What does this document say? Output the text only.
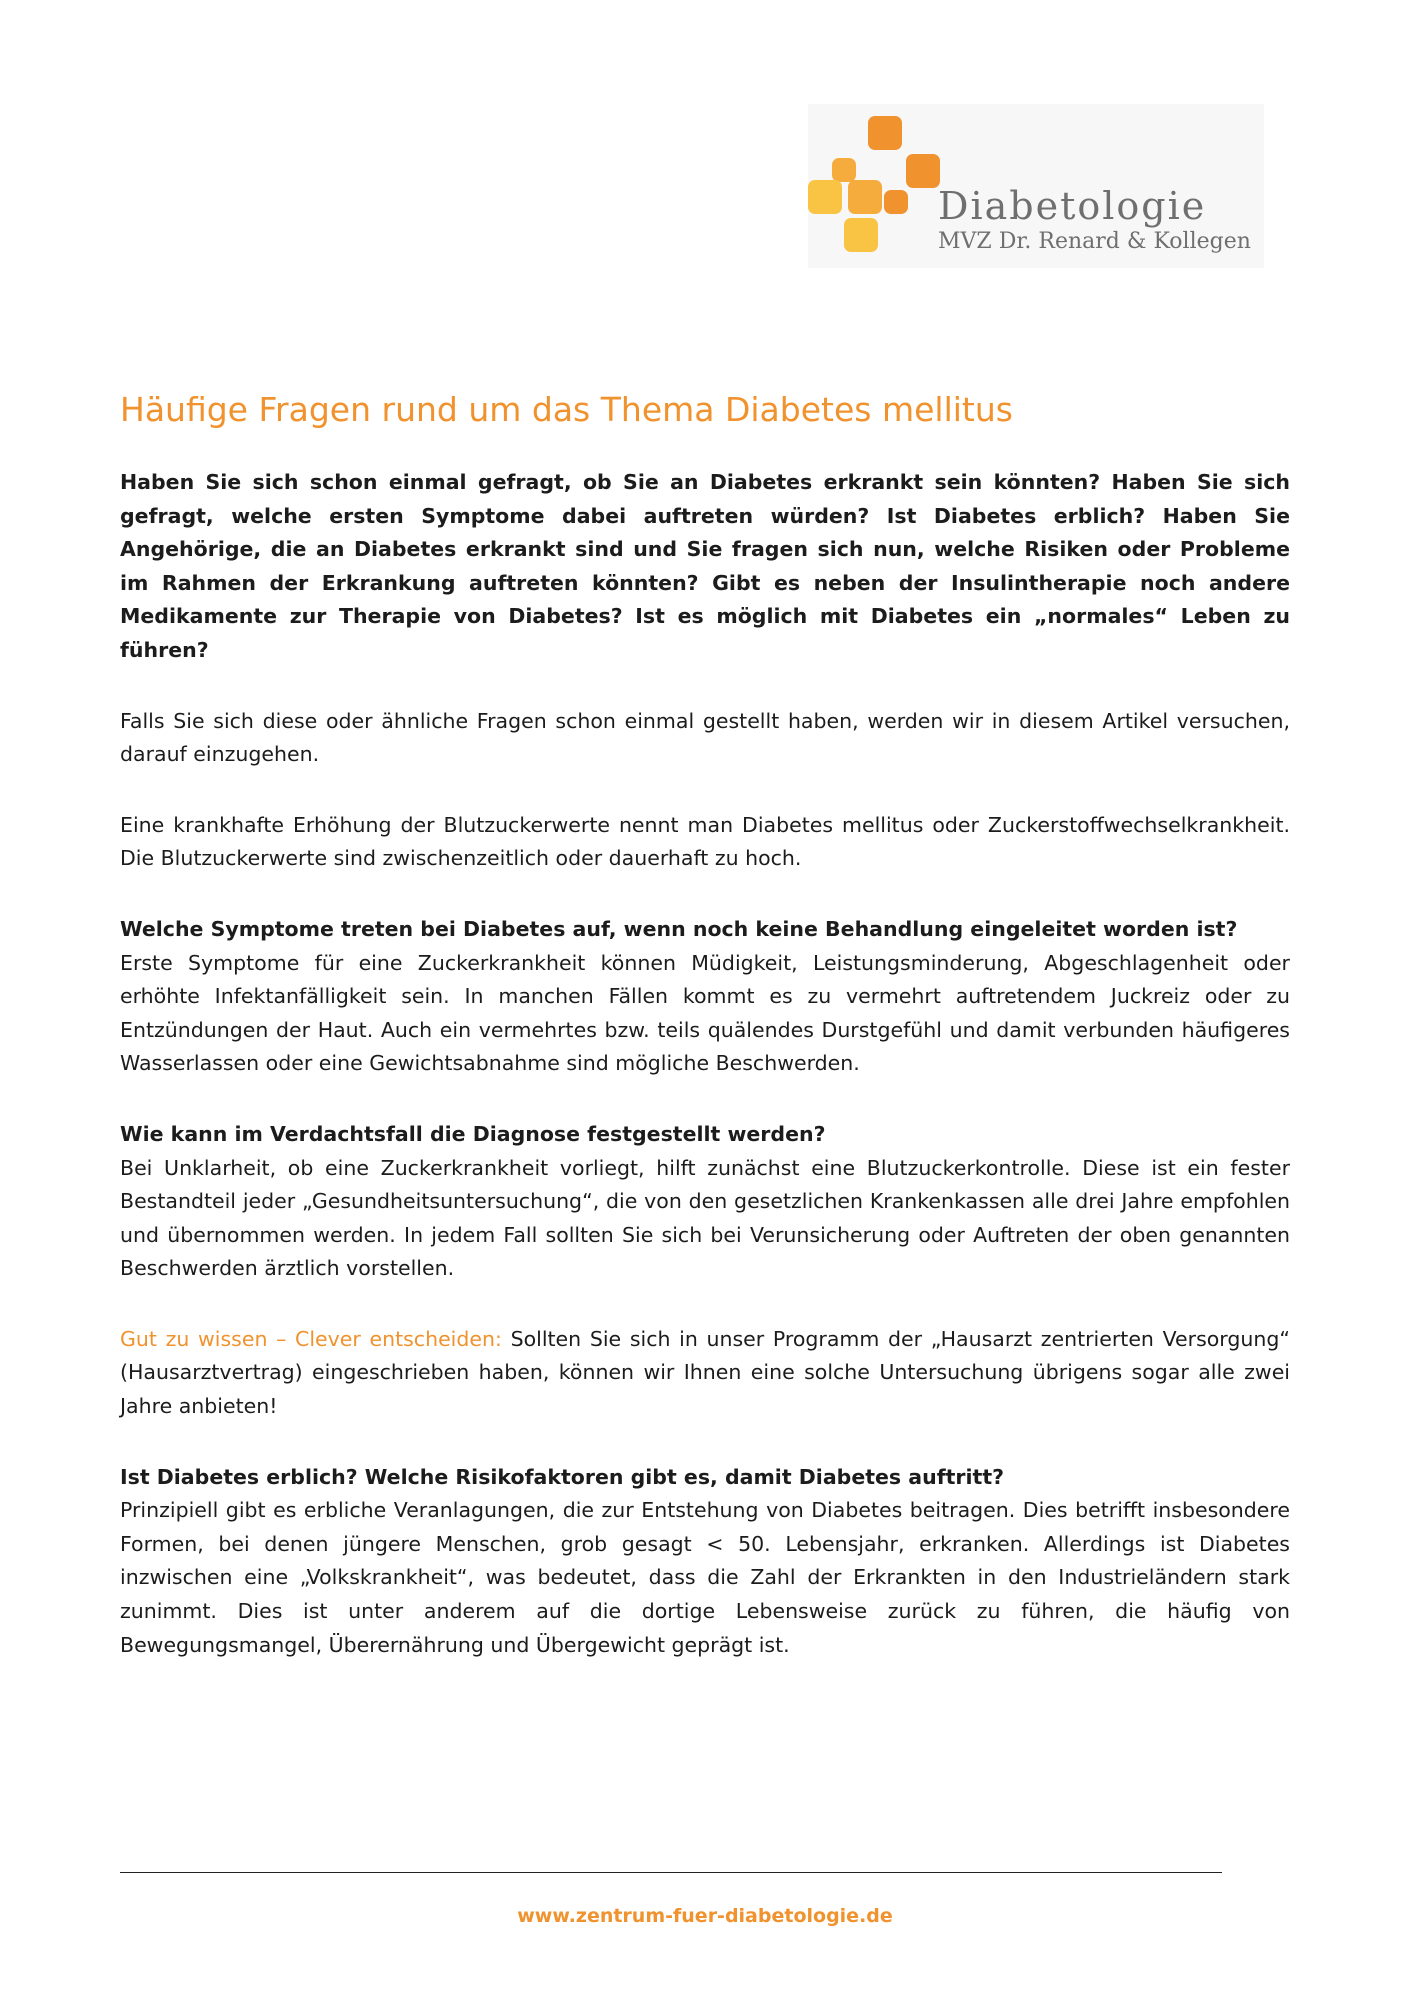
Diabetologie
MVZ Dr. Renard & Kollegen
Häufige Fragen rund um das Thema Diabetes mellitus

Haben Sie sich schon einmal gefragt, ob Sie an Diabetes erkrankt sein könnten? Haben Sie sich gefragt, welche ersten Symptome dabei auftreten würden? Ist Diabetes erblich? Haben Sie Angehörige, die an Diabetes erkrankt sind und Sie fragen sich nun, welche Risiken oder Probleme im Rahmen der Erkrankung auftreten könnten? Gibt es neben der Insulintherapie noch andere Medikamente zur Therapie von Diabetes? Ist es möglich mit Diabetes ein „normales“ Leben zu führen?

Falls Sie sich diese oder ähnliche Fragen schon einmal gestellt haben, werden wir in diesem Artikel versuchen, darauf einzugehen.

Eine krankhafte Erhöhung der Blutzuckerwerte nennt man Diabetes mellitus oder Zuckerstoffwechselkrankheit. Die Blutzuckerwerte sind zwischenzeitlich oder dauerhaft zu hoch.

Welche Symptome treten bei Diabetes auf, wenn noch keine Behandlung eingeleitet worden ist?
Erste Symptome für eine Zuckerkrankheit können Müdigkeit, Leistungsminderung, Abgeschlagenheit oder erhöhte Infektanfälligkeit sein. In manchen Fällen kommt es zu vermehrt auftretendem Juckreiz oder zu Entzündungen der Haut. Auch ein vermehrtes bzw. teils quälendes Durstgefühl und damit verbunden häufigeres Wasserlassen oder eine Gewichtsabnahme sind mögliche Beschwerden.
Wie kann im Verdachtsfall die Diagnose festgestellt werden?
Bei Unklarheit, ob eine Zuckerkrankheit vorliegt, hilft zunächst eine Blutzuckerkontrolle. Diese ist ein fester Bestandteil jeder „Gesundheitsuntersuchung“, die von den gesetzlichen Krankenkassen alle drei Jahre empfohlen und übernommen werden. In jedem Fall sollten Sie sich bei Verunsicherung oder Auftreten der oben genannten Beschwerden ärztlich vorstellen.

Gut zu wissen – Clever entscheiden: Sollten Sie sich in unser Programm der „Hausarzt zentrierten Versorgung“ (Hausarztvertrag) eingeschrieben haben, können wir Ihnen eine solche Untersuchung übrigens sogar alle zwei Jahre anbieten!

Ist Diabetes erblich? Welche Risikofaktoren gibt es, damit Diabetes auftritt?
Prinzipiell gibt es erbliche Veranlagungen, die zur Entstehung von Diabetes beitragen. Dies betrifft insbesondere Formen, bei denen jüngere Menschen, grob gesagt < 50. Lebensjahr, erkranken. Allerdings ist Diabetes inzwischen eine „Volkskrankheit“, was bedeutet, dass die Zahl der Erkrankten in den Industrieländern stark zunimmt. Dies ist unter anderem auf die dortige Lebensweise zurück zu führen, die häufig von Bewegungsmangel, Überernährung und Übergewicht geprägt ist.
www.zentrum-fuer-diabetologie.de
